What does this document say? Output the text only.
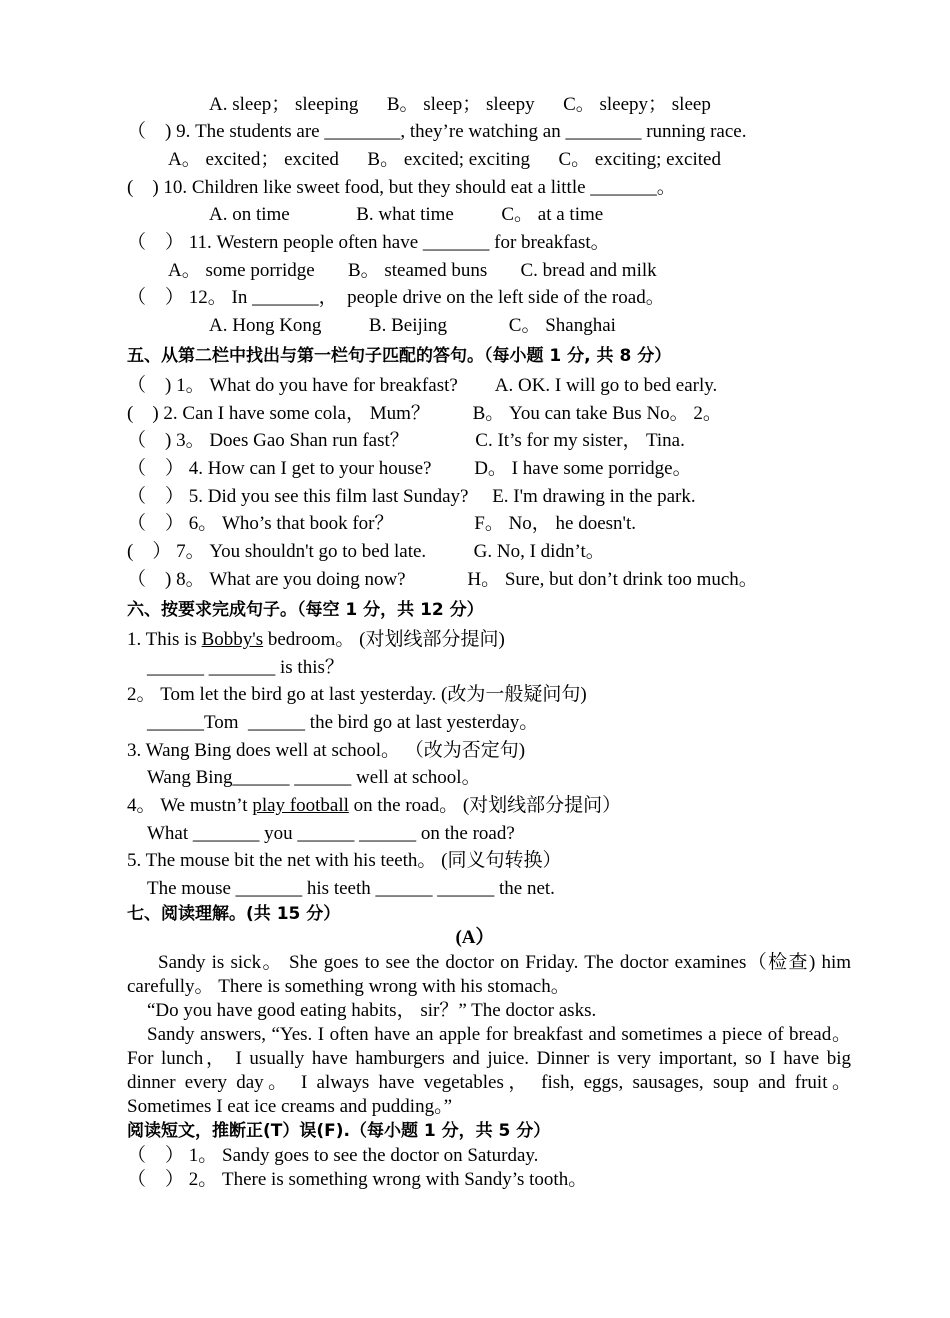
A. sleep； sleeping      B。 sleep； sleepy      C。 sleepy； sleep
（    ) 9. The students are ________, they’re watching an ________ running race.
A。 excited； excited      B。 excited; exciting      C。 exciting; excited
(    ) 10. Children like sweet food, but they should eat a little _______。
A. on time              B. what time          C。 at a time
（    ） 11. Western people often have _______ for breakfast。
A。 some porridge       B。 steamed buns       C. bread and milk
（    ） 12。 In _______，  people drive on the left side of the road。
A. Hong Kong          B. Beijing             C。 Shanghai
五、从第二栏中找出与第一栏句子匹配的答句。（每小题 1 分, 共 8 分）
（    ) 1。 What do you have for breakfast?        A. OK. I will go to bed early.
(    ) 2. Can I have some cola， Mum？         B。 You can take Bus No。 2。
（    ) 3。 Does Gao Shan run fast？              C. It’s for my sister， Tina.
（    ） 4. How can I get to your house?         D。 I have some porridge。
（    ） 5. Did you see this film last Sunday?     E. I'm drawing in the park.
（    ） 6。 Who’s that book for？                 F。 No， he doesn't.
(    ） 7。 You shouldn't go to bed late.          G. No, I didn’t。
（    ) 8。 What are you doing now?             H。 Sure, but don’t drink too much。
六、按要求完成句子。（每空 1 分，共 12 分）
1. This is Bobby's bedroom。 (对划线部分提问)
______ _______ is this？
2。 Tom let the bird go at last yesterday. (改为一般疑问句)
______Tom  ______ the bird go at last yesterday。
3. Wang Bing does well at school。 （改为否定句)
Wang Bing______ ______ well at school。
4。 We mustn’t play football on the road。 (对划线部分提问）
What _______ you ______ ______ on the road?
5. The mouse bit the net with his teeth。 (同义句转换）
The mouse _______ his teeth ______ ______ the net.
七、阅读理解。(共 15 分）
(A）
Sandy is sick。 She goes to see the doctor on Friday. The doctor examines（检查) him carefully。 There is something wrong with his stomach。
“Do you have good eating habits， sir？” The doctor asks.
Sandy answers, “Yes. I often have an apple for breakfast and sometimes a piece of bread。 For lunch， I usually have hamburgers and juice. Dinner is very important, so I have big dinner every day。 I always have vegetables， fish, eggs, sausages, soup and fruit。 Sometimes I eat ice creams and pudding。”
阅读短文，推断正(T）误(F).（每小题 1 分，共 5 分）
（    ） 1。 Sandy goes to see the doctor on Saturday.
（    ） 2。 There is something wrong with Sandy’s tooth。
